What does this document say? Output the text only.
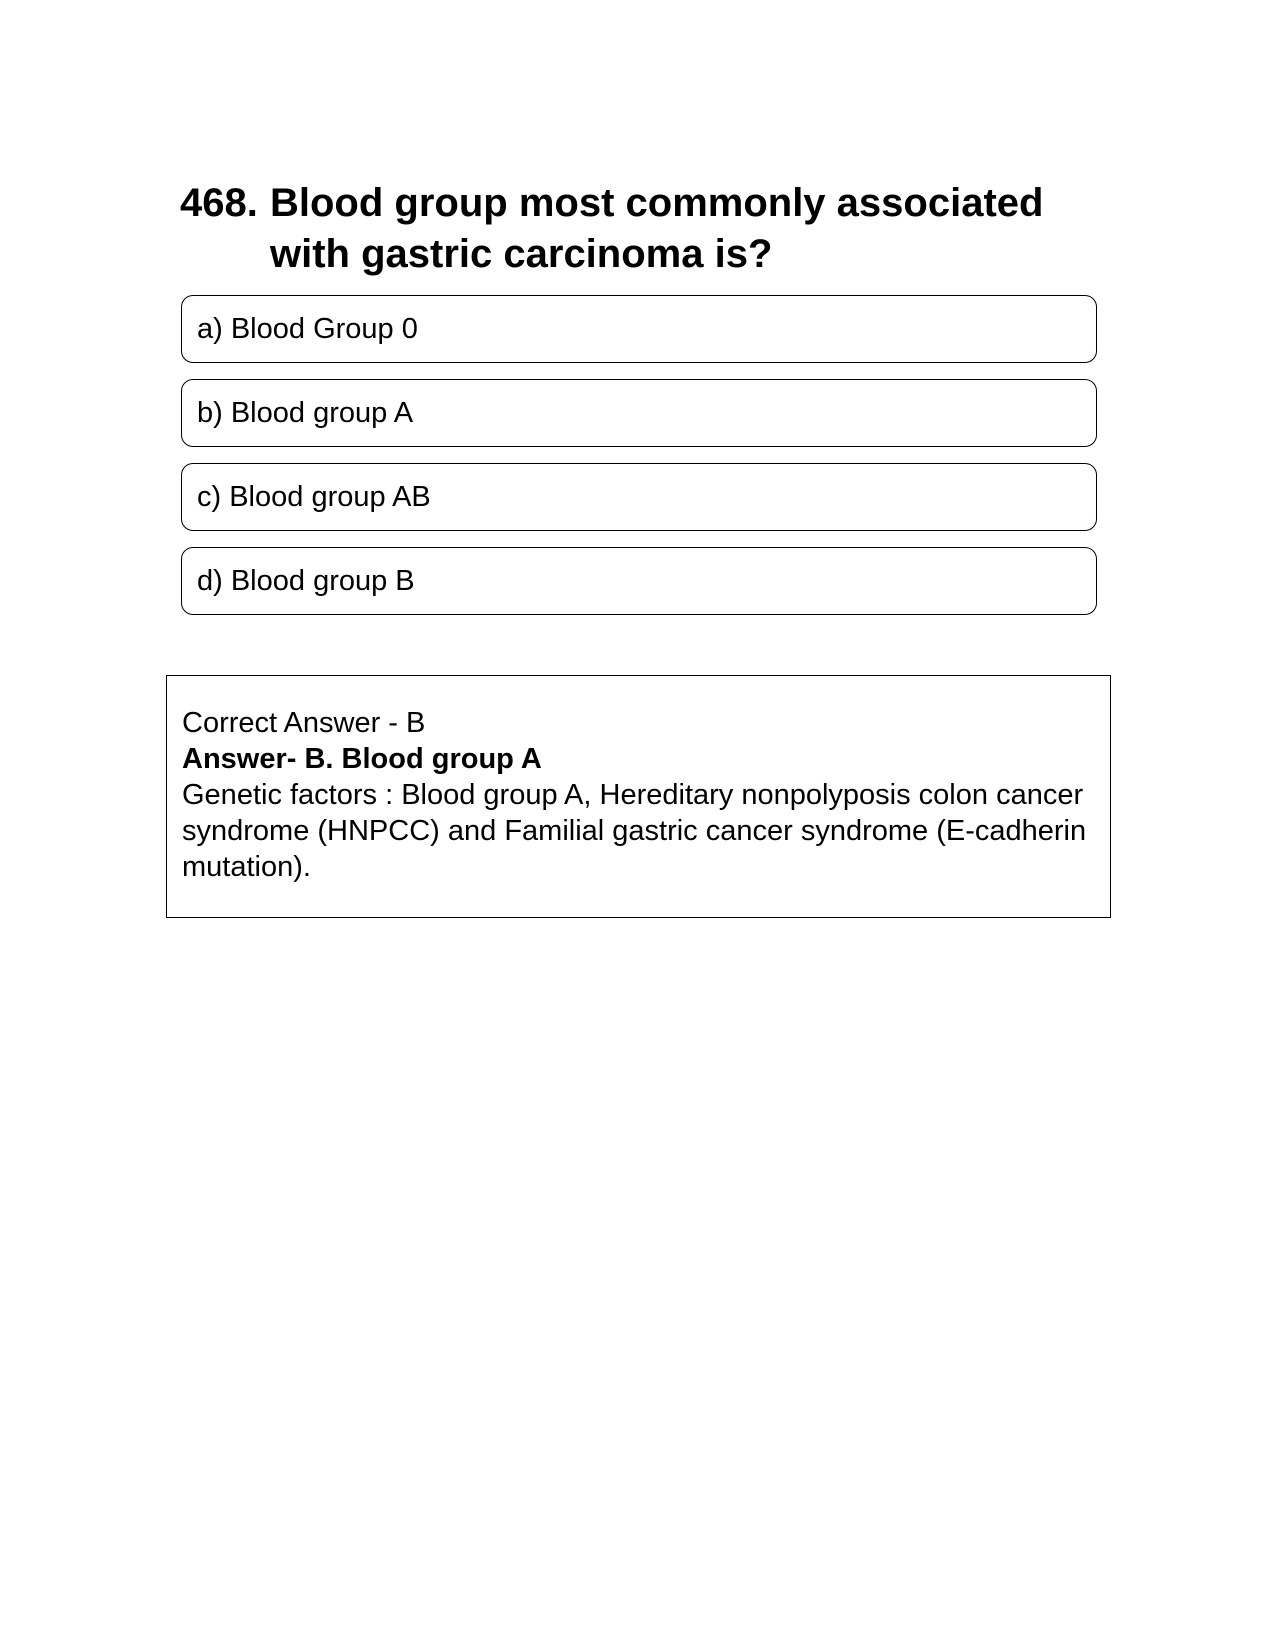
468. Blood group most commonly associated with gastric carcinoma is?
a) Blood Group 0
b) Blood group A
c) Blood group AB
d) Blood group B
Correct Answer - B
Answer- B. Blood group A
Genetic factors : Blood group A, Hereditary nonpolyposis colon cancer syndrome (HNPCC) and Familial gastric cancer syndrome (E-cadherin mutation).
